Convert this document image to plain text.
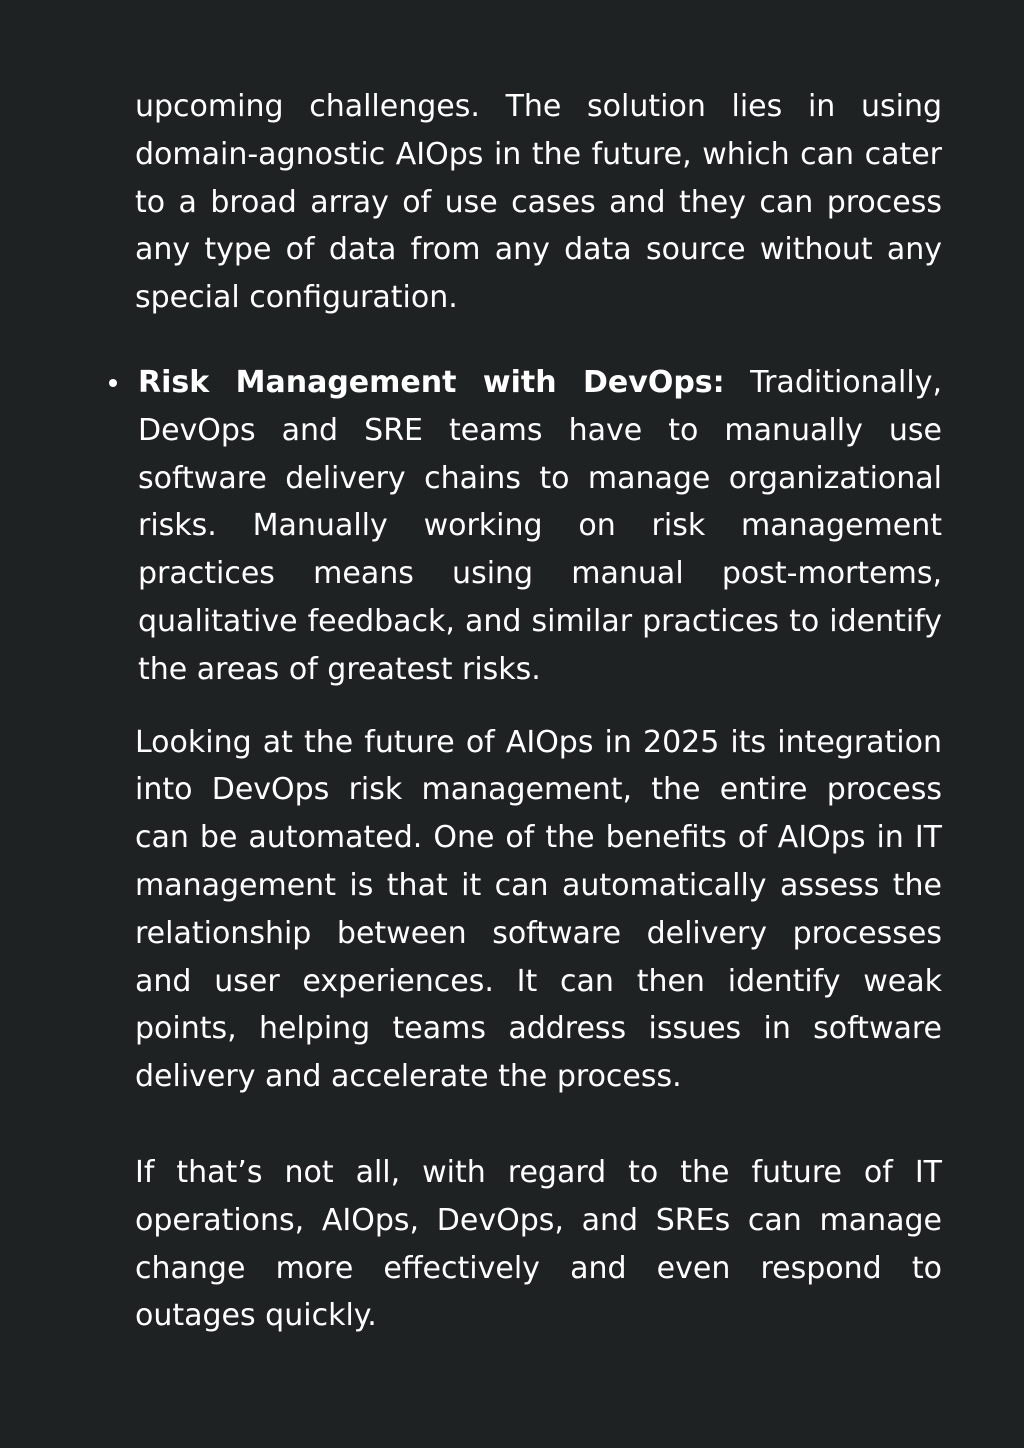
upcoming challenges. The solution lies in using domain-agnostic AIOps in the future, which can cater to a broad array of use cases and they can process any type of data from any data source without any special configuration.

Risk Management with DevOps: Traditionally, DevOps and SRE teams have to manually use software delivery chains to manage organizational risks. Manually working on risk management practices means using manual post-mortems, qualitative feedback, and similar practices to identify the areas of greatest risks.

Looking at the future of AIOps in 2025 its integration into DevOps risk management, the entire process can be automated. One of the benefits of AIOps in IT management is that it can automatically assess the relationship between software delivery processes and user experiences. It can then identify weak points, helping teams address issues in software delivery and accelerate the process.

If that’s not all, with regard to the future of IT operations, AIOps, DevOps, and SREs can manage change more effectively and even respond to outages quickly.
